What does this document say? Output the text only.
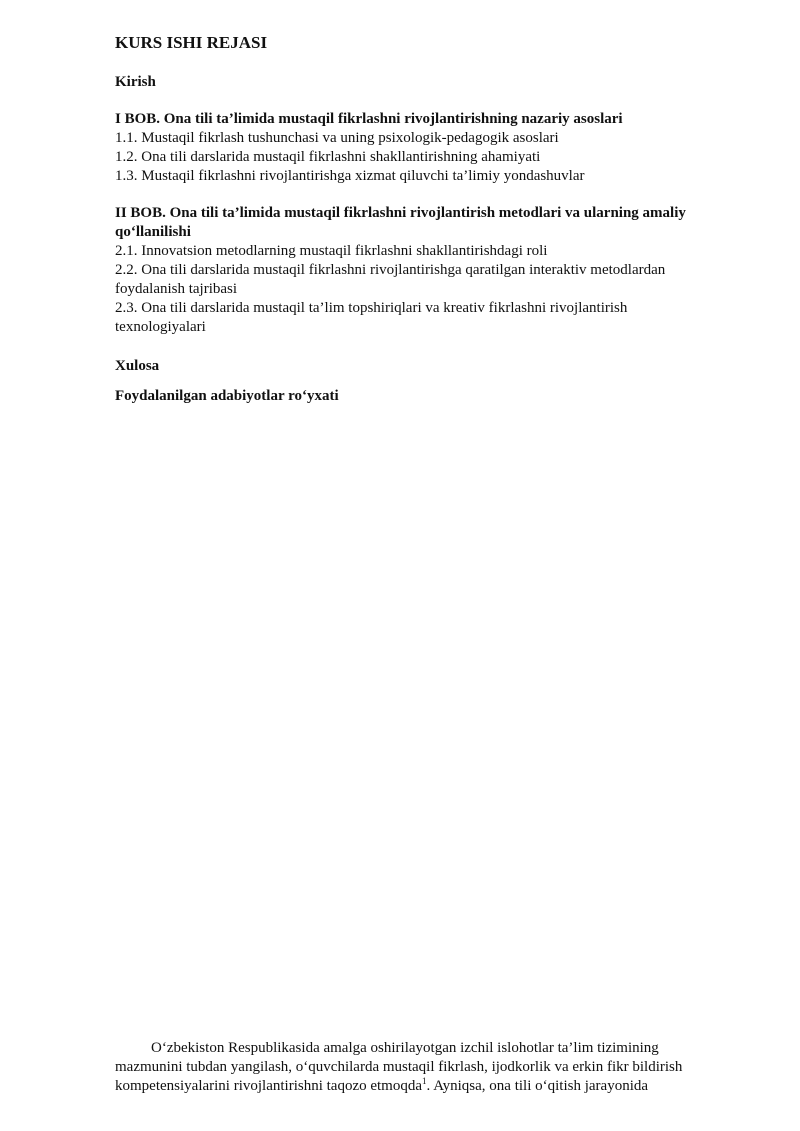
KURS ISHI REJASI
Kirish
I BOB. Ona tili ta’limida mustaqil fikrlashni rivojlantirishning nazariy asoslari
1.1. Mustaqil fikrlash tushunchasi va uning psixologik-pedagogik asoslari
1.2. Ona tili darslarida mustaqil fikrlashni shakllantirishning ahamiyati
1.3. Mustaqil fikrlashni rivojlantirishga xizmat qiluvchi ta’limiy yondashuvlar
II BOB. Ona tili ta’limida mustaqil fikrlashni rivojlantirish metodlari va ularning amaliy
qo‘llanilishi
2.1. Innovatsion metodlarning mustaqil fikrlashni shakllantirishdagi roli
2.2. Ona tili darslarida mustaqil fikrlashni rivojlantirishga qaratilgan interaktiv metodlardan
foydalanish tajribasi
2.3. Ona tili darslarida mustaqil ta’lim topshiriqlari va kreativ fikrlashni rivojlantirish
texnologiyalari
Xulosa
Foydalanilgan adabiyotlar ro‘yxati

O‘zbekiston Respublikasida amalga oshirilayotgan izchil islohotlar ta’lim tizimining

mazmunini tubdan yangilash, o‘quvchilarda mustaqil fikrlash, ijodkorlik va erkin fikr bildirish

kompetensiyalarini rivojlantirishni taqozo etmoqda$^1$. Ayniqsa, ona tili o‘qitish jarayonida
